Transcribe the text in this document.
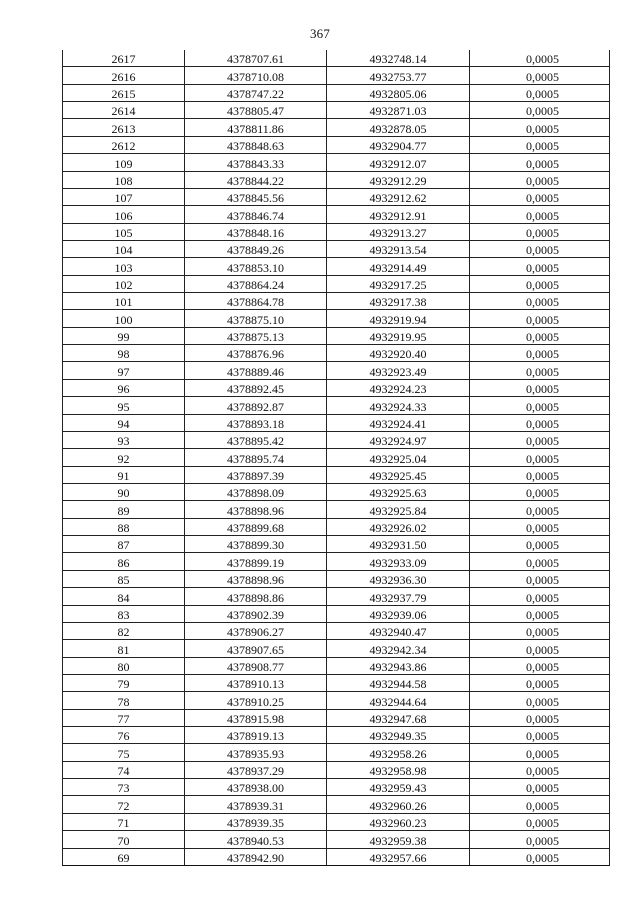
367
2617	4378707.61	4932748.14	0,0005
2616	4378710.08	4932753.77	0,0005
2615	4378747.22	4932805.06	0,0005
2614	4378805.47	4932871.03	0,0005
2613	4378811.86	4932878.05	0,0005
2612	4378848.63	4932904.77	0,0005
109	4378843.33	4932912.07	0,0005
108	4378844.22	4932912.29	0,0005
107	4378845.56	4932912.62	0,0005
106	4378846.74	4932912.91	0,0005
105	4378848.16	4932913.27	0,0005
104	4378849.26	4932913.54	0,0005
103	4378853.10	4932914.49	0,0005
102	4378864.24	4932917.25	0,0005
101	4378864.78	4932917.38	0,0005
100	4378875.10	4932919.94	0,0005
99	4378875.13	4932919.95	0,0005
98	4378876.96	4932920.40	0,0005
97	4378889.46	4932923.49	0,0005
96	4378892.45	4932924.23	0,0005
95	4378892.87	4932924.33	0,0005
94	4378893.18	4932924.41	0,0005
93	4378895.42	4932924.97	0,0005
92	4378895.74	4932925.04	0,0005
91	4378897.39	4932925.45	0,0005
90	4378898.09	4932925.63	0,0005
89	4378898.96	4932925.84	0,0005
88	4378899.68	4932926.02	0,0005
87	4378899.30	4932931.50	0,0005
86	4378899.19	4932933.09	0,0005
85	4378898.96	4932936.30	0,0005
84	4378898.86	4932937.79	0,0005
83	4378902.39	4932939.06	0,0005
82	4378906.27	4932940.47	0,0005
81	4378907.65	4932942.34	0,0005
80	4378908.77	4932943.86	0,0005
79	4378910.13	4932944.58	0,0005
78	4378910.25	4932944.64	0,0005
77	4378915.98	4932947.68	0,0005
76	4378919.13	4932949.35	0,0005
75	4378935.93	4932958.26	0,0005
74	4378937.29	4932958.98	0,0005
73	4378938.00	4932959.43	0,0005
72	4378939.31	4932960.26	0,0005
71	4378939.35	4932960.23	0,0005
70	4378940.53	4932959.38	0,0005
69	4378942.90	4932957.66	0,0005
